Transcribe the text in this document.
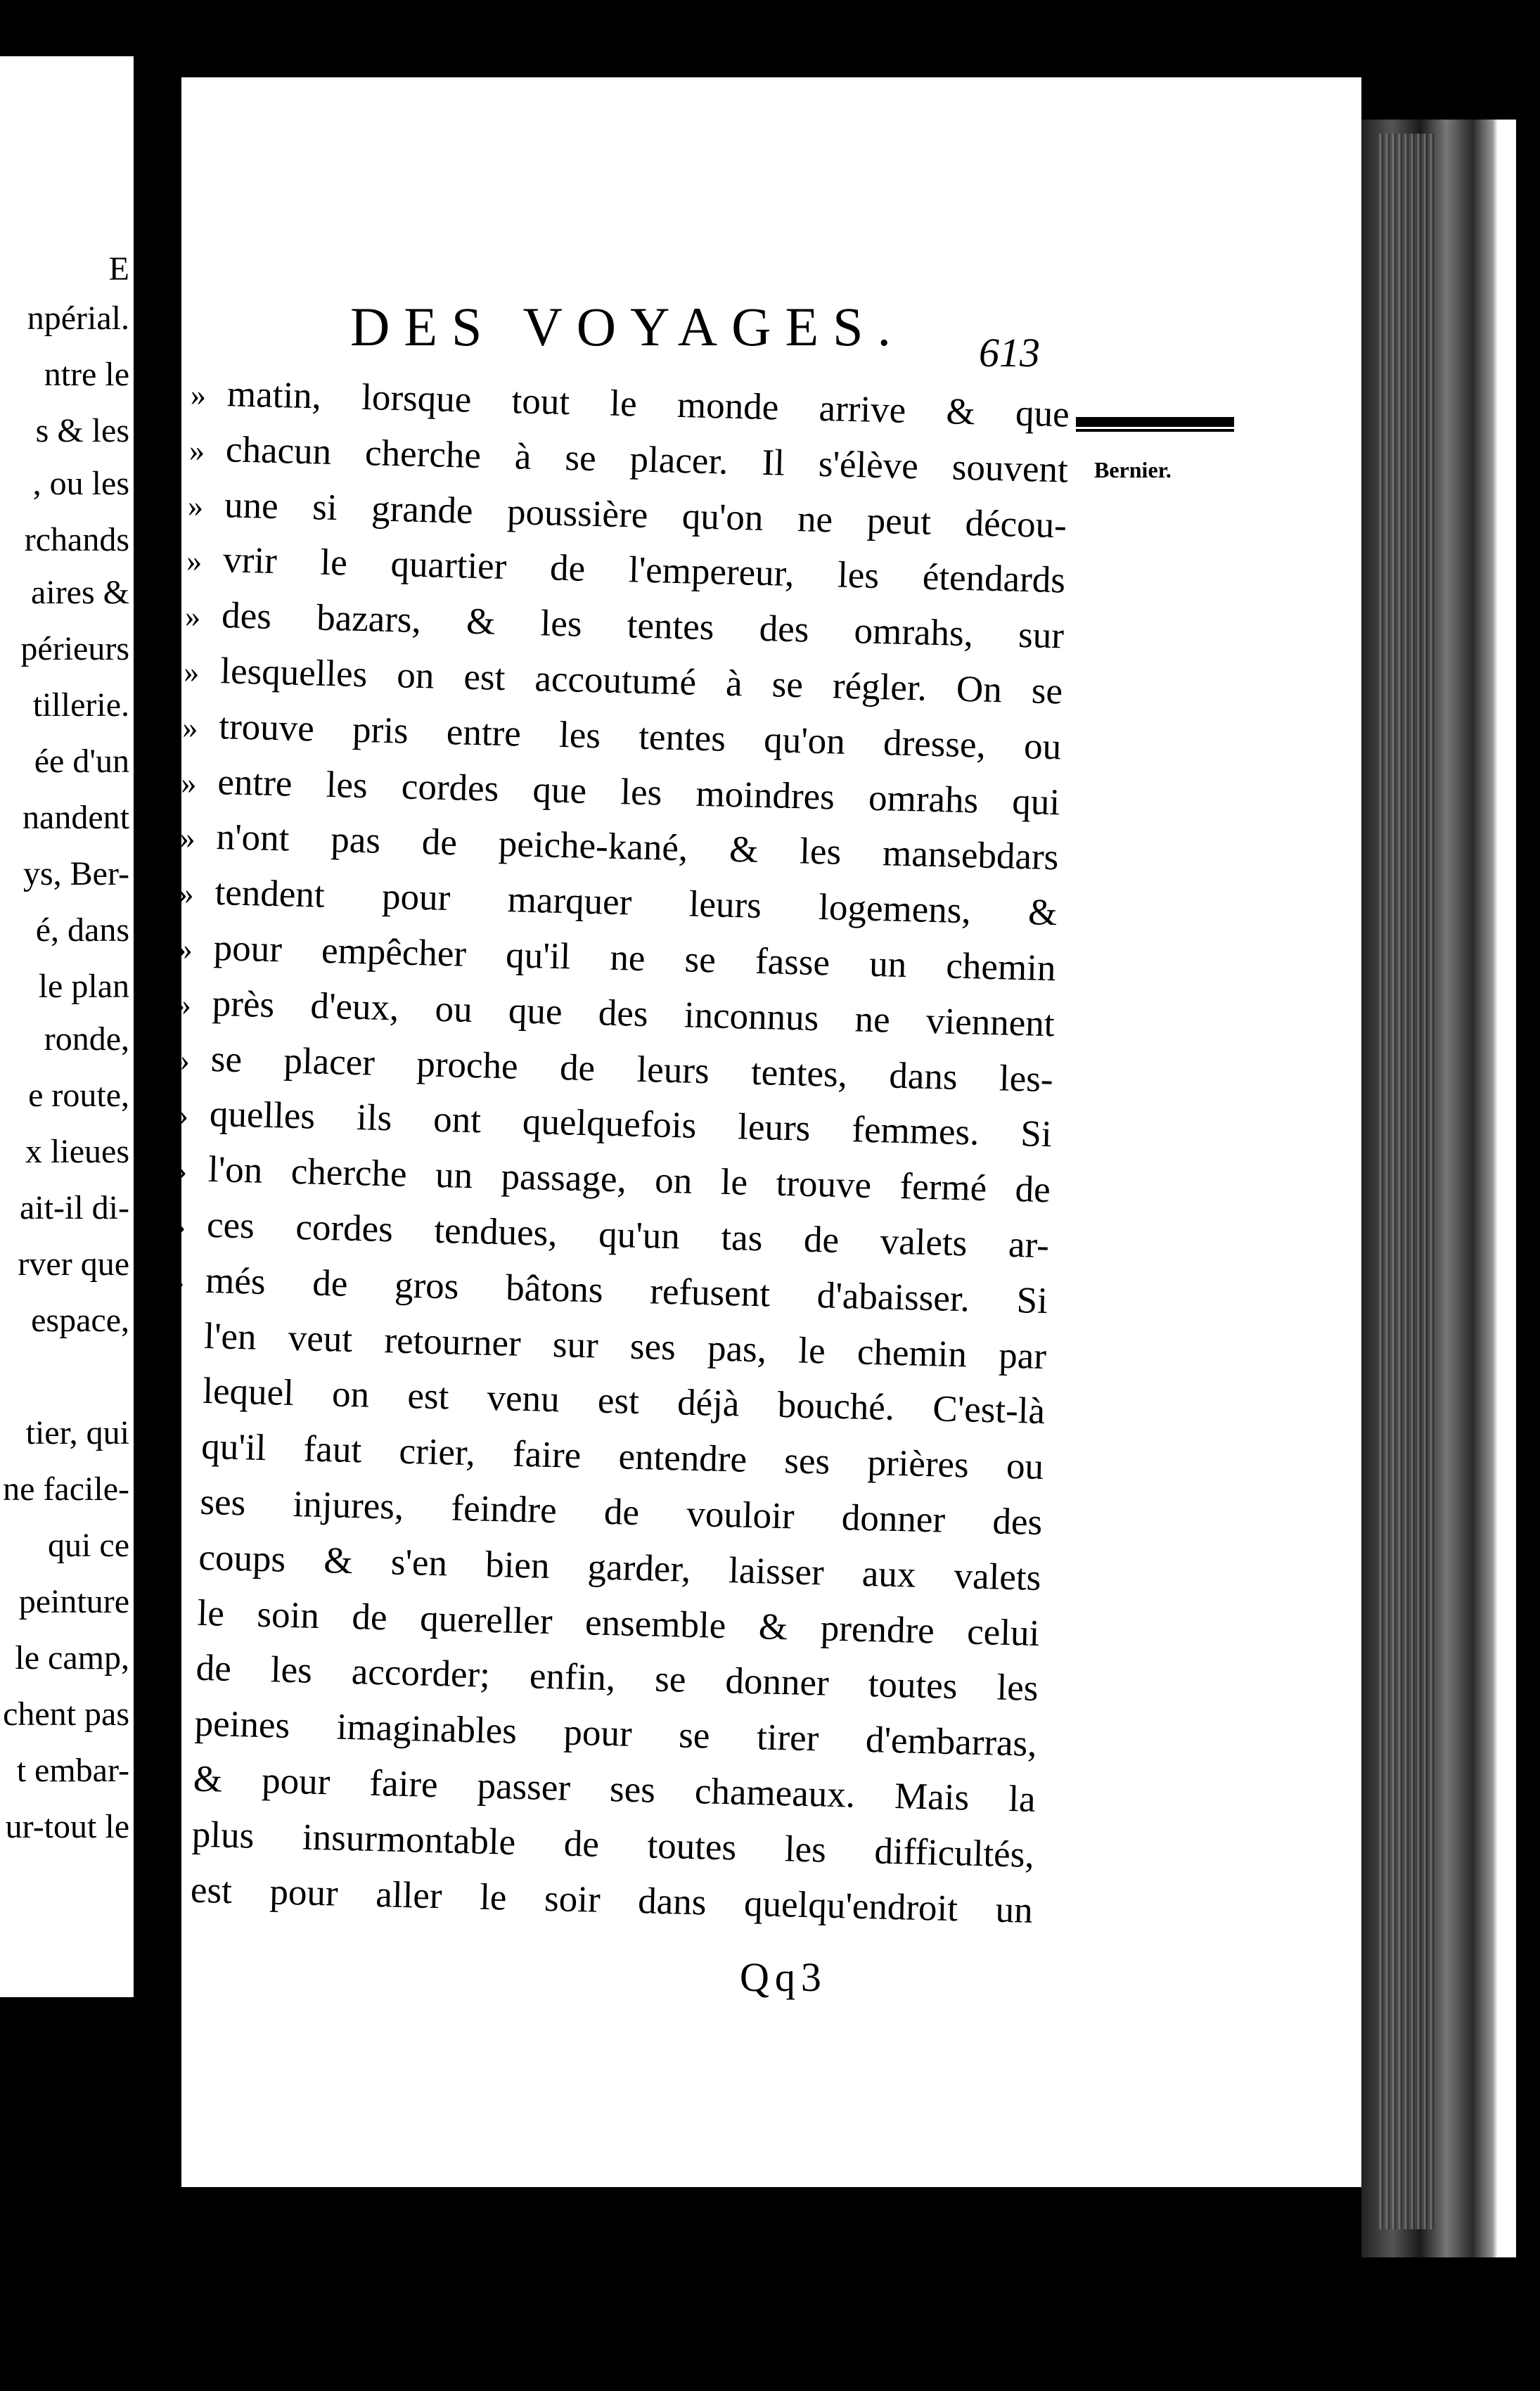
E
npérial.
ntre le
s & les
, ou les
rchands
aires &
périeurs
tillerie.
ée d'un
nandent
ys, Ber-
é, dans
le plan
ronde,
e route,
x lieues
ait-il di-
rver que
espace,
tier, qui
ne facile-
qui ce
peinture
le camp,
chent pas
t embar-
ur-tout le
DES VOYAGES. 613
Bernier.
» matin, lorsque tout le monde arrive & que
» chacun cherche à se placer. Il s'élève souvent
» une si grande poussière qu'on ne peut décou-
» vrir le quartier de l'empereur, les étendards
» des bazars, & les tentes des omrahs, sur
» lesquelles on est accoutumé à se régler. On se
» trouve pris entre les tentes qu'on dresse, ou
» entre les cordes que les moindres omrahs qui
» n'ont pas de peiche-kané, & les mansebdars
» tendent pour marquer leurs logemens, &
» pour empêcher qu'il ne se fasse un chemin
» près d'eux, ou que des inconnus ne viennent
» se placer proche de leurs tentes, dans les-
» quelles ils ont quelquefois leurs femmes. Si
» l'on cherche un passage, on le trouve fermé de
» ces cordes tendues, qu'un tas de valets ar-
» més de gros bâtons refusent d'abaisser. Si
» l'en veut retourner sur ses pas, le chemin par
» lequel on est venu est déjà bouché. C'est-là
» qu'il faut crier, faire entendre ses prières ou
» ses injures, feindre de vouloir donner des
» coups & s'en bien garder, laisser aux valets
» le soin de quereller ensemble & prendre celui
» de les accorder; enfin, se donner toutes les
» peines imaginables pour se tirer d'embarras,
» & pour faire passer ses chameaux. Mais la
» plus insurmontable de toutes les difficultés,
» est pour aller le soir dans quelqu'endroit un
Qq3
